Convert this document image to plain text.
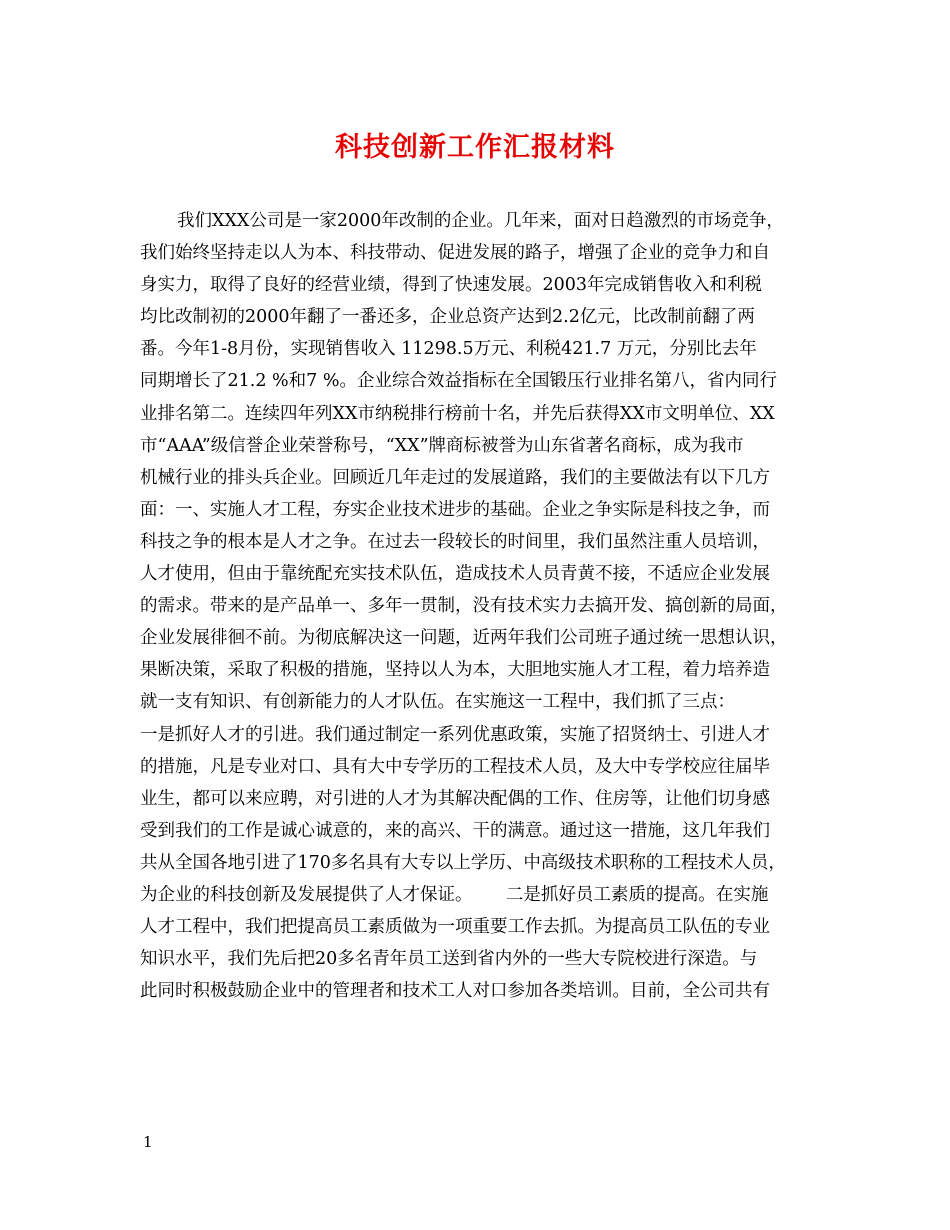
科技创新工作汇报材料

我们XXX公司是一家2000年改制的企业。几年来，面对日趋激烈的市场竞争，

我们始终坚持走以人为本、科技带动、促进发展的路子，增强了企业的竞争力和自

身实力，取得了良好的经营业绩，得到了快速发展。2003年完成销售收入和利税

均比改制初的2000年翻了一番还多，企业总资产达到2.2亿元，比改制前翻了两

番。今年1-8月份，实现销售收入 11298.5万元、利税421.7 万元，分别比去年

同期增长了21.2 %和7 %。企业综合效益指标在全国锻压行业排名第八，省内同行

业排名第二。连续四年列XX市纳税排行榜前十名，并先后获得XX市文明单位、XX

市“AAA”级信誉企业荣誉称号，“XX”牌商标被誉为山东省著名商标，成为我市

机械行业的排头兵企业。回顾近几年走过的发展道路，我们的主要做法有以下几方

面：一、实施人才工程，夯实企业技术进步的基础。企业之争实际是科技之争，而

科技之争的根本是人才之争。在过去一段较长的时间里，我们虽然注重人员培训，

人才使用，但由于靠统配充实技术队伍，造成技术人员青黄不接，不适应企业发展

的需求。带来的是产品单一、多年一贯制，没有技术实力去搞开发、搞创新的局面，

企业发展徘徊不前。为彻底解决这一问题，近两年我们公司班子通过统一思想认识，

果断决策，采取了积极的措施，坚持以人为本，大胆地实施人才工程，着力培养造

就一支有知识、有创新能力的人才队伍。在实施这一工程中，我们抓了三点：

一是抓好人才的引进。我们通过制定一系列优惠政策，实施了招贤纳士、引进人才

的措施，凡是专业对口、具有大中专学历的工程技术人员，及大中专学校应往届毕

业生，都可以来应聘，对引进的人才为其解决配偶的工作、住房等，让他们切身感

受到我们的工作是诚心诚意的，来的高兴、干的满意。通过这一措施，这几年我们

共从全国各地引进了170多名具有大专以上学历、中高级技术职称的工程技术人员，

为企业的科技创新及发展提供了人才保证。      二是抓好员工素质的提高。在实施

人才工程中，我们把提高员工素质做为一项重要工作去抓。为提高员工队伍的专业

知识水平，我们先后把20多名青年员工送到省内外的一些大专院校进行深造。与

此同时积极鼓励企业中的管理者和技术工人对口参加各类培训。目前，全公司共有

1
